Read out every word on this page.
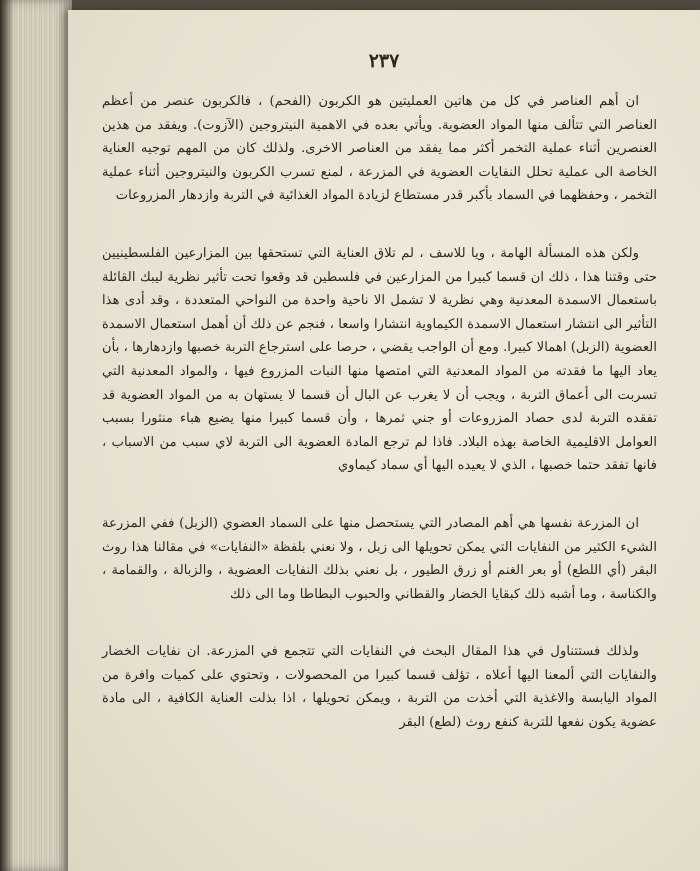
٢٣٧

ان أهم العناصر في كل من هاتين العمليتين هو الكربون (الفحم) ، فالكربون عنصر من أعظم العناصر التي تتألف منها المواد العضوية. ويأتي بعده في الاهمية النيتروجين (الآزوت). ويفقد من هذين العنصرين أثناء عملية التخمر أكثر مما يفقد من العناصر الاخرى. ولذلك كان من المهم توجيه العناية الخاصة الى عملية تحلل النفايات العضوية في المزرعة ، لمنع تسرب الكربون والنيتروجين أثناء عملية التخمر ، وحفظهما في السماد بأكبر قدر مستطاع لزيادة المواد الغذائية في التربة وازدهار المزروعات

ولكن هذه المسألة الهامة ، ويا للاسف ، لم تلاق العناية التي تستحقها بين المزارعين الفلسطينيين حتى وقتنا هذا ، ذلك ان قسما كبيرا من المزارعين في فلسطين قد وقعوا تحت تأثير نظرية ليبك القائلة باستعمال الاسمدة المعدنية وهي نظرية لا تشمل الا ناحية واحدة من النواحي المتعددة ، وقد أدى هذا التأثير الى انتشار استعمال الاسمدة الكيماوية انتشارا واسعا ، فنجم عن ذلك أن أهمل استعمال الاسمدة العضوية (الزبل) اهمالا كبيرا. ومع أن الواجب يقضي ، حرصا على استرجاع التربة خصبها وازدهارها ، بأن يعاد اليها ما فقدته من المواد المعدنية التي امتصها منها النبات المزروع فيها ، والمواد المعدنية التي تسربت الى أعماق التربة ، ويجب أن لا يغرب عن البال أن قسما لا يستهان به من المواد العضوية قد تفقده التربة لدى حصاد المزروعات أو جني ثمرها ، وأن قسما كبيرا منها يضيع هباء منثورا بسبب العوامل الاقليمية الخاصة بهذه البلاد. فاذا لم ترجع المادة العضوية الى التربة لاي سبب من الاسباب ، فانها تفقد حتما خصبها ، الذي لا يعيده اليها أي سماد كيماوي

ان المزرعة نفسها هي أهم المصادر التي يستحصل منها على السماد العضوي (الزبل) ففي المزرعة الشيء الكثير من النفايات التي يمكن تحويلها الى زبل ، ولا نعني بلفظة «النفايات» في مقالنا هذا روث البقر (أي اللطع) أو بعر الغنم أو زرق الطيور ، بل نعني بذلك النفايات العضوية ، والزبالة ، والقمامة ، والكناسة ، وما أشبه ذلك كبقايا الخضار والقطاني والحبوب البطاطا وما الى ذلك

ولذلك فستتناول في هذا المقال البحث في النفايات التي تتجمع في المزرعة. ان نفايات الخضار والنفايات التي ألمعنا اليها أعلاه ، تؤلف قسما كبيرا من المحصولات ، وتحتوي على كميات وافرة من المواد اليابسة والاغذية التي أخذت من التربة ، ويمكن تحويلها ، اذا بذلت العناية الكافية ، الى مادة عضوية يكون نفعها للتربة كنفع روث (لطع) البقر
